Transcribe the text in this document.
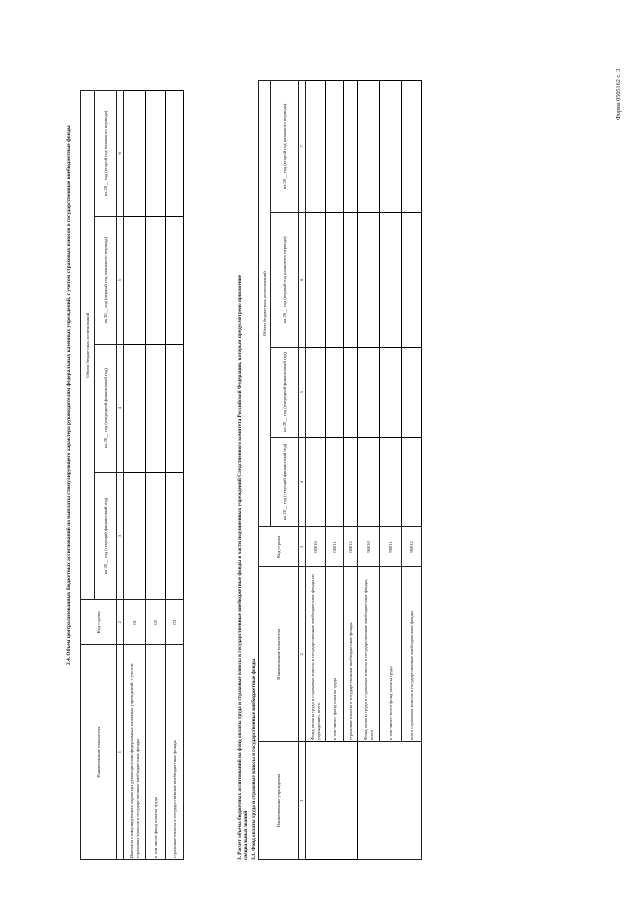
Форма 0505162 с. 3
2.4. Объем централизованных бюджетных ассигнований на выплаты стимулирующего характера руководителям федеральных казенных учреждений, с учетом страховых взносов в государственные внебюджетные фонды	3. Расчет объема бюджетных ассигнований на фонд оплаты труда и страховые взносы в государственные внебюджетные фонды в части подчиненных учреждений Следственного комитета Российской Федерации, которым предусмотрено присвоение специальных званий 3.1. Фонд оплаты труда и страховые взносы в государственные внебюджетные фонды
Наименование показателя	Код строки	Объем бюджетных ассигнований			
		на 20__ год (текущий финансовый год)	на 20__ год (очередной финансовый год)	на 20__ год (первый год планового периода)	на 20__ год (второй год планового периода)
1	2	3	4	5	6
Выплаты стимулирующего характера руководителям федеральных казенных учреждений, с учетом страховых взносов в государственные внебюджетные фонды	01				
в том числе фонд оплаты труда	02				
страховые взносы в государственные внебюджетные фонды	03				
Наименование учреждения	Наименование показателя	Код строки	Объем бюджетных ассигнований			
			на 20__ год (текущий финансовый год)	на 20__ год (очередной финансовый год)	на 20__ год (первый год планового периода)	на 20__ год (второй год планового периода)
1	2	3	4	5	6	7
	Фонд оплаты труда и страховые взносы в государственные внебюджетные фонды по учреждению, всего	00010				
	в том числе: фонд оплаты труда	00011				
	страховые взносы в государственные внебюджетные фонды	00012				
	Фонд оплаты труда и страховые взносы в государственные внебюджетные фонды, всего	90010				
	в том числе: всего фонд оплаты труда	90011				
	всего страховые взносы в государственные внебюджетные фонды	90012				
